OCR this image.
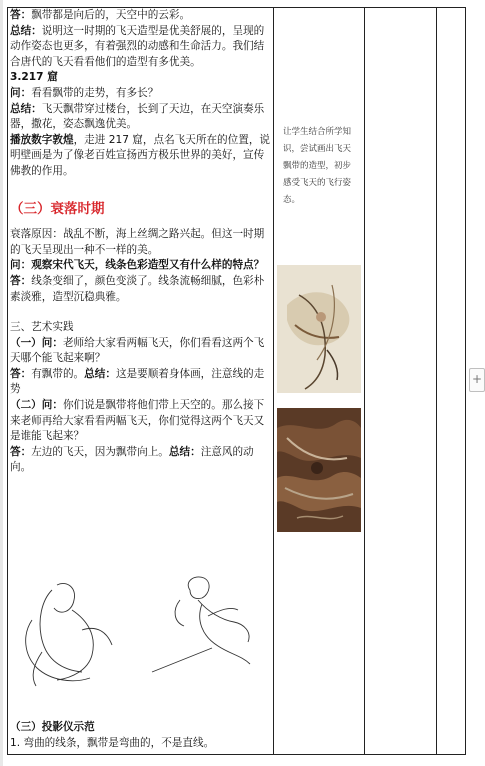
答：飘带都是向后的，天空中的云彩。

总结：说明这一时期的飞天造型是优美舒展的，呈现的动作姿态也更多，有着强烈的动感和生命活力。我们结合唐代的飞天看看他们的造型有多优美。

3.217 窟

问：看看飘带的走势，有多长？

总结：飞天飘带穿过楼台，长到了天边，在天空演奏乐器，撒花，姿态飘逸优美。

播放数字敦煌，走进 217 窟，点名飞天所在的位置，说明壁画是为了像老百姓宣扬西方极乐世界的美好，宣传佛教的作用。

（三）衰落时期

衰落原因：战乱不断，海上丝绸之路兴起。但这一时期的飞天呈现出一种不一样的美。

问：观察宋代飞天，线条色彩造型又有什么样的特点？

答：线条变细了，颜色变淡了。线条流畅细腻，色彩朴素淡雅，造型沉稳典雅。

三、艺术实践

（一）问：老师给大家看两幅飞天，你们看看这两个飞天哪个能飞起来啊？

答：有飘带的。总结：这是要顺着身体画，注意线的走势

（二）问：你们说是飘带将他们带上天空的。那么接下来老师再给大家看看两幅飞天，你们觉得这两个飞天又是谁能飞起来？

答：左边的飞天，因为飘带向上。总结：注意风的动向。

（三）投影仪示范

1. 弯曲的线条，飘带是弯曲的，不是直线。

让学生结合所学知识，尝试画出飞天飘带的造型，初步感受飞天的飞行姿态。
+
